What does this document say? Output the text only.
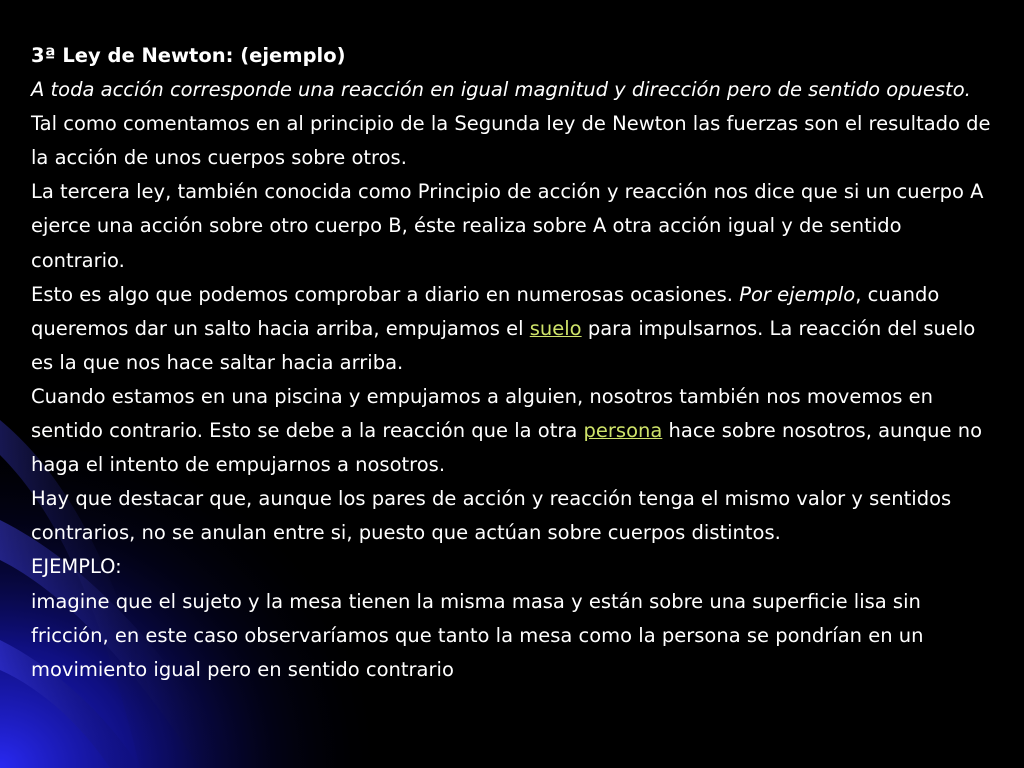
3ª Ley de Newton: (ejemplo)

A toda acción corresponde una reacción en igual magnitud y dirección pero de sentido opuesto.

Tal como comentamos en al principio de la Segunda ley de Newton las fuerzas son el resultado de la acción de unos cuerpos sobre otros.

La tercera ley, también conocida como Principio de acción y reacción nos dice que si un cuerpo A ejerce una acción sobre otro cuerpo B, éste realiza sobre A otra acción igual y de sentido contrario.

Esto es algo que podemos comprobar a diario en numerosas ocasiones. Por ejemplo, cuando queremos dar un salto hacia arriba, empujamos el suelo para impulsarnos. La reacción del suelo es la que nos hace saltar hacia arriba.

Cuando estamos en una piscina y empujamos a alguien, nosotros también nos movemos en sentido contrario. Esto se debe a la reacción que la otra persona hace sobre nosotros, aunque no haga el intento de empujarnos a nosotros.

Hay que destacar que, aunque los pares de acción y reacción tenga el mismo valor y sentidos contrarios, no se anulan entre si, puesto que actúan sobre cuerpos distintos.

EJEMPLO:

imagine que el sujeto y la mesa tienen la misma masa y están sobre una superficie lisa sin fricción, en este caso observaríamos que tanto la mesa como la persona se pondrían en un movimiento igual pero en sentido contrario
